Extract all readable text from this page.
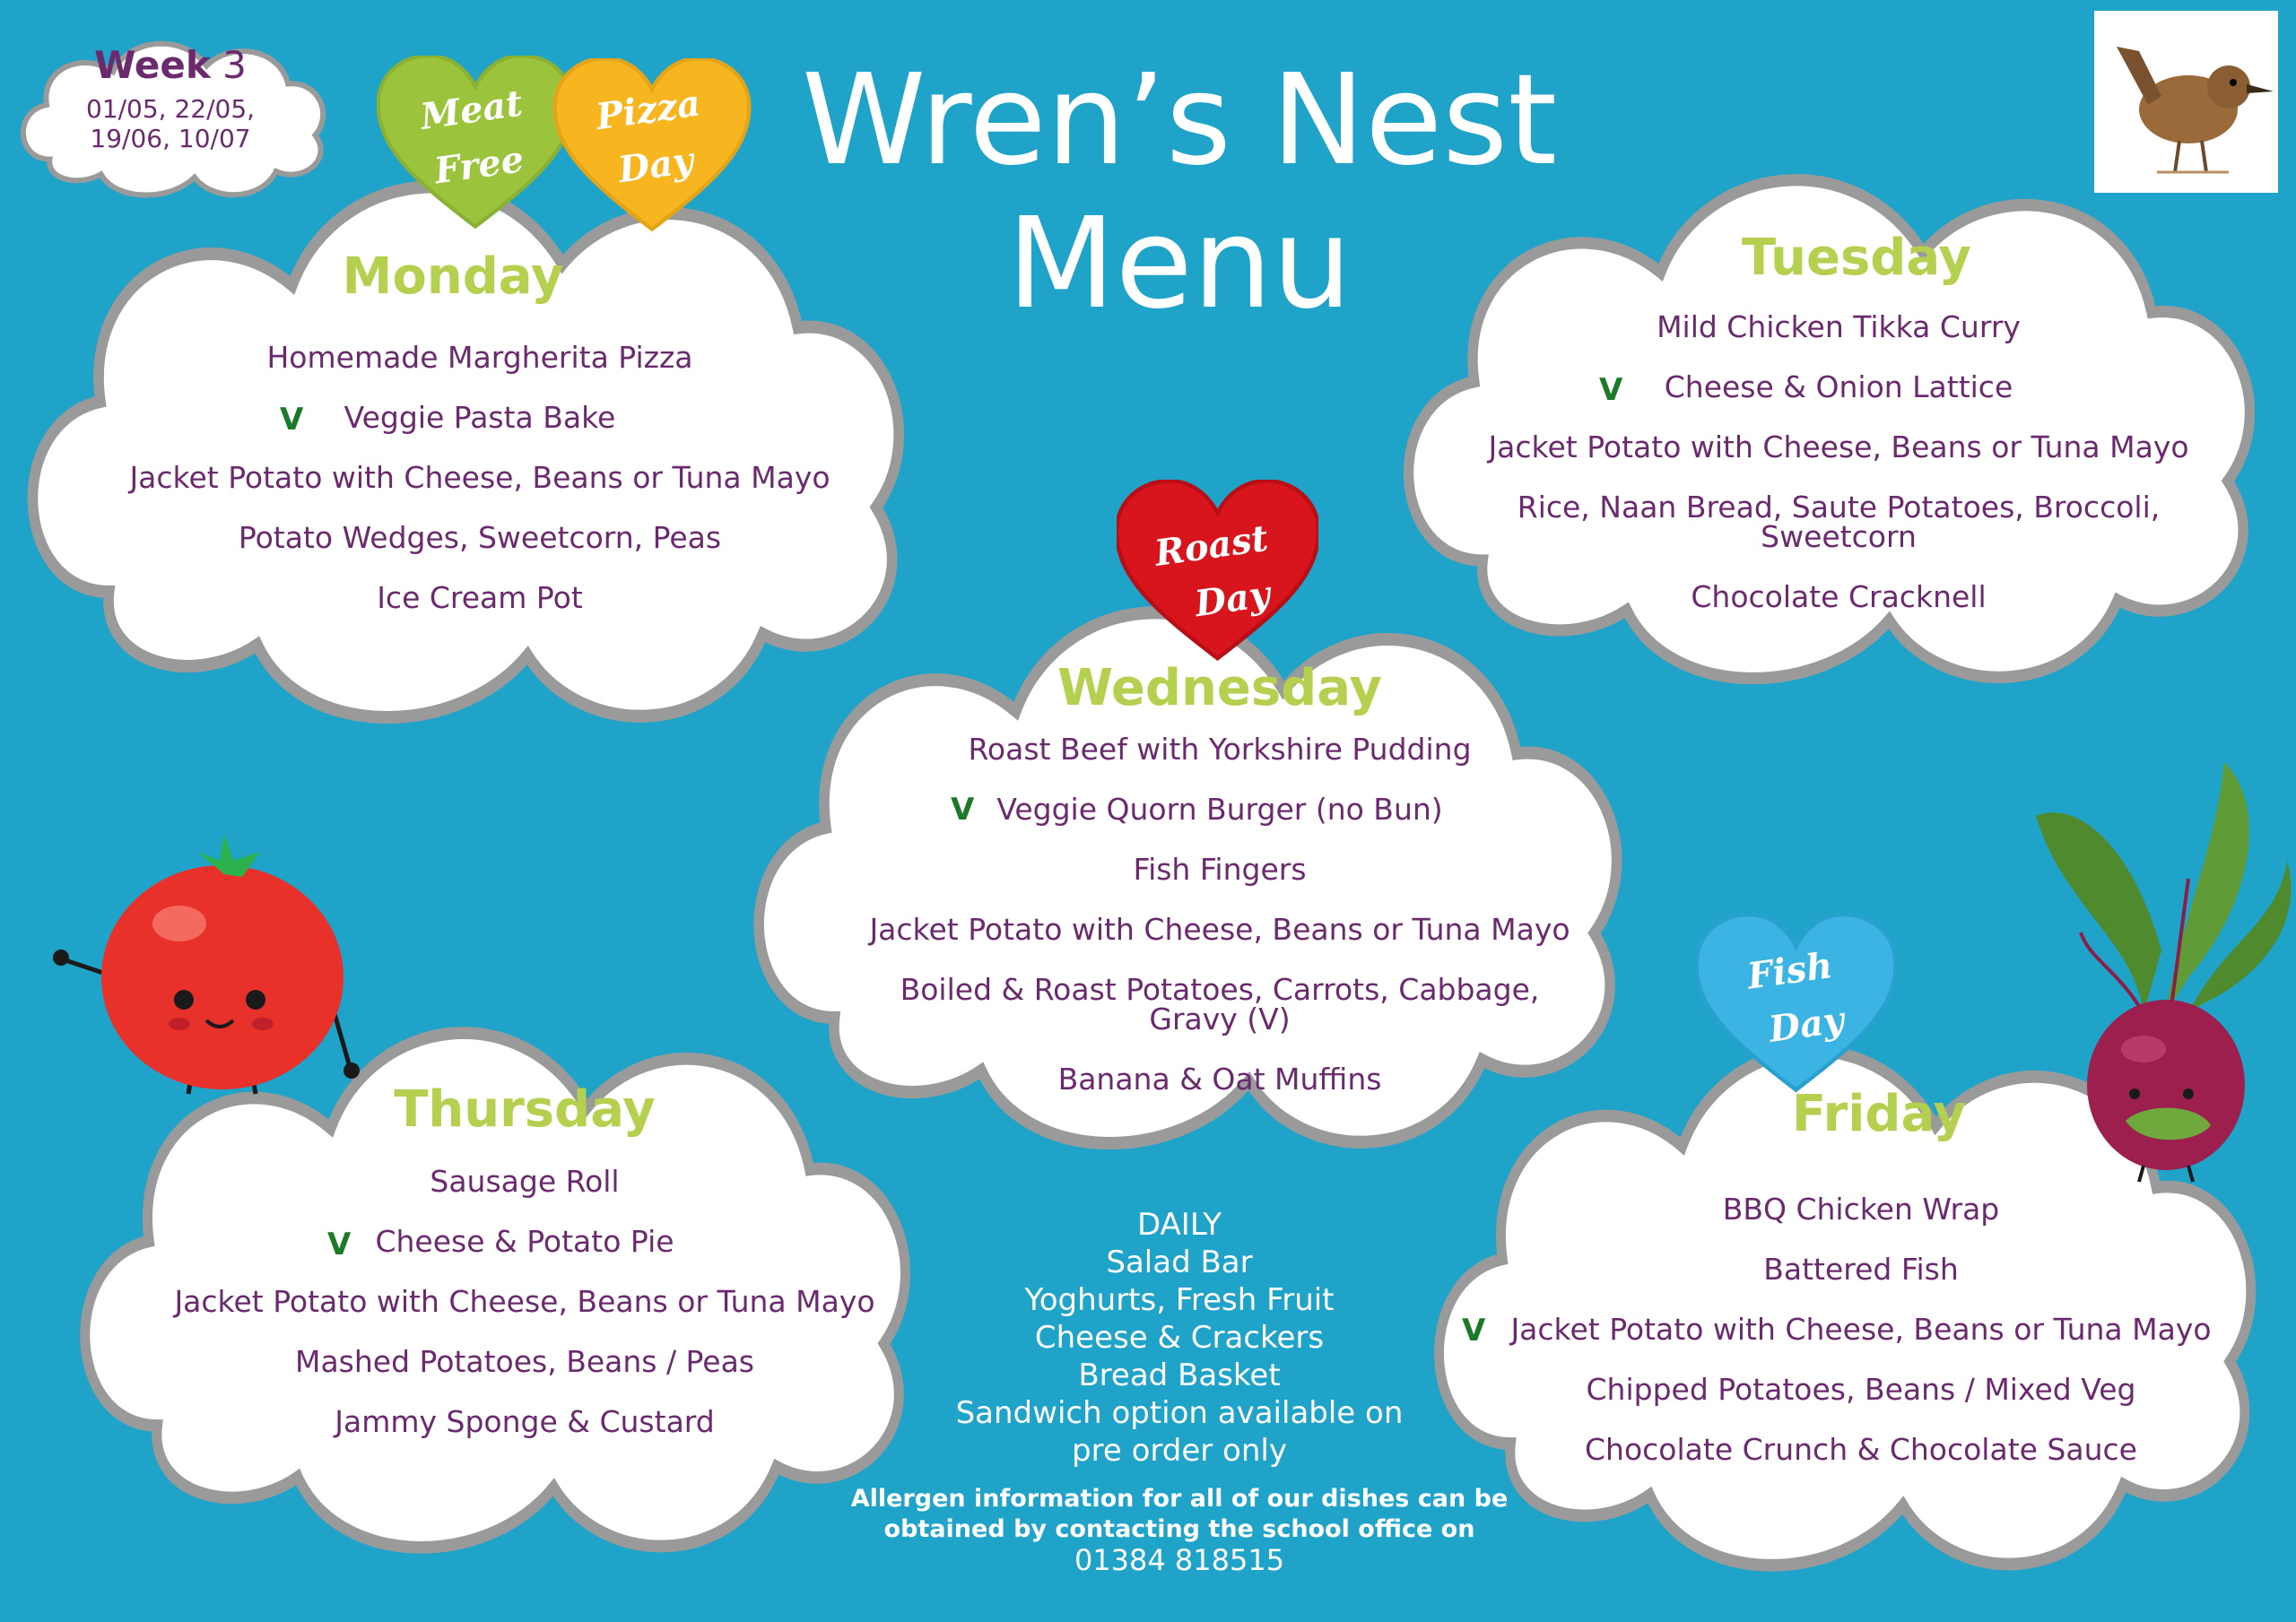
Wren’s Nest
Menu
Week 3
01/05, 22/05,
19/06, 10/07
Monday
Homemade Margherita Pizza
V	Veggie Pasta Bake
Jacket Potato with Cheese, Beans or Tuna Mayo
Potato Wedges, Sweetcorn, Peas
Ice Cream Pot
Meat
Free
Pizza
Day
Tuesday
Mild Chicken Tikka Curry
V	Cheese & Onion Lattice
Jacket Potato with Cheese, Beans or Tuna Mayo
Rice, Naan Bread, Saute Potatoes, Broccoli,
Sweetcorn
Chocolate Cracknell
Wednesday
Roast Beef with Yorkshire Pudding
V Veggie Quorn Burger (no Bun)
Fish Fingers
Jacket Potato with Cheese, Beans or Tuna Mayo
Boiled & Roast Potatoes, Carrots, Cabbage,
Gravy (V)
Banana & Oat Muffins
Roast
Day
Thursday
Sausage Roll
V Cheese & Potato Pie
Jacket Potato with Cheese, Beans or Tuna Mayo
Mashed Potatoes, Beans / Peas
Jammy Sponge & Custard
Friday
BBQ Chicken Wrap
Battered Fish
V Jacket Potato with Cheese, Beans or Tuna Mayo
Chipped Potatoes, Beans / Mixed Veg
Chocolate Crunch & Chocolate Sauce
Fish
Day
DAILY
Salad Bar
Yoghurts, Fresh Fruit
Cheese & Crackers
Bread Basket
Sandwich option available on
pre order only
Allergen information for all of our dishes can be
obtained by contacting the school office on
01384 818515
